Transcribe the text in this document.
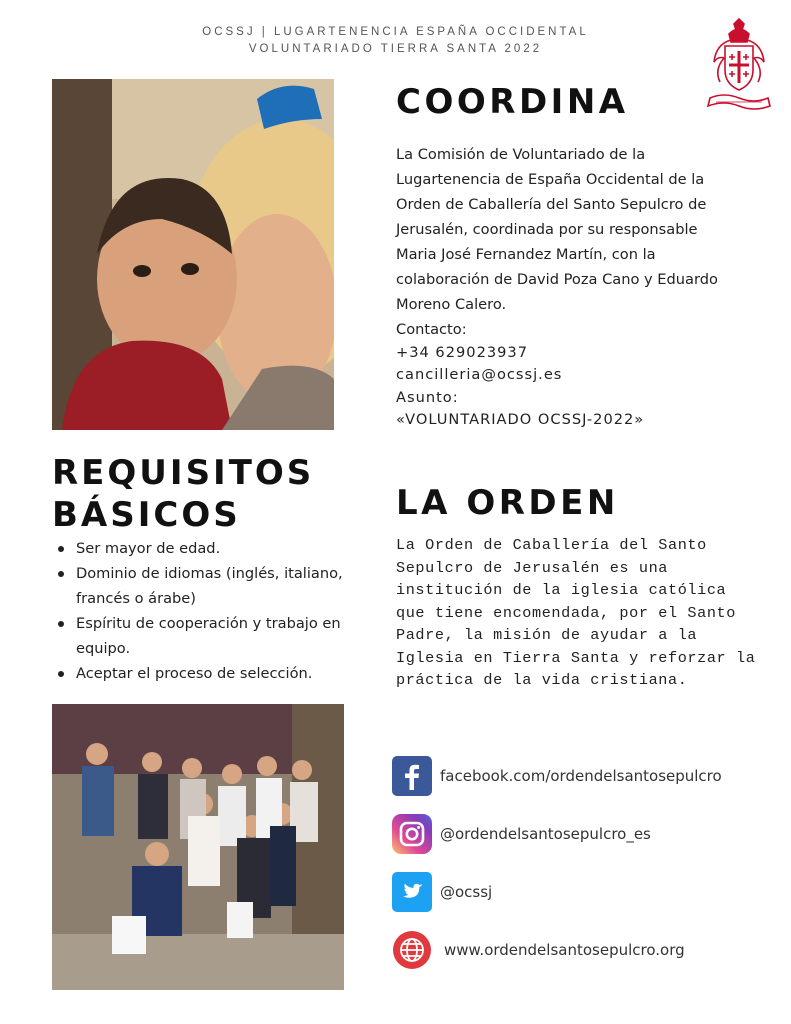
OCSSJ | LUGARTENENCIA ESPAÑA OCCIDENTAL
VOLUNTARIADO TIERRA SANTA 2022
COORDINA
La Comisión de Voluntariado de la Lugartenencia de España Occidental de la Orden de Caballería del Santo Sepulcro de Jerusalén, coordinada por su responsable Maria José Fernandez Martín, con la colaboración de David Poza Cano y Eduardo Moreno Calero.
Contacto:
+34 629023937
cancilleria@ocssj.es
Asunto:
«VOLUNTARIADO OCSSJ-2022»
REQUISITOS
BÁSICOS
Ser mayor de edad.
Dominio de idiomas (inglés, italiano, francés o árabe)
Espíritu de cooperación y trabajo en equipo.
Aceptar el proceso de selección.
LA ORDEN
La Orden de Caballería del Santo Sepulcro de Jerusalén es una institución de la iglesia católica que tiene encomendada, por el Santo Padre, la misión de ayudar a la Iglesia en Tierra Santa y reforzar la práctica de la vida cristiana.
facebook.com/ordendelsantosepulcro
@ordendelsantosepulcro_es
@ocssj
www.ordendelsantosepulcro.org
